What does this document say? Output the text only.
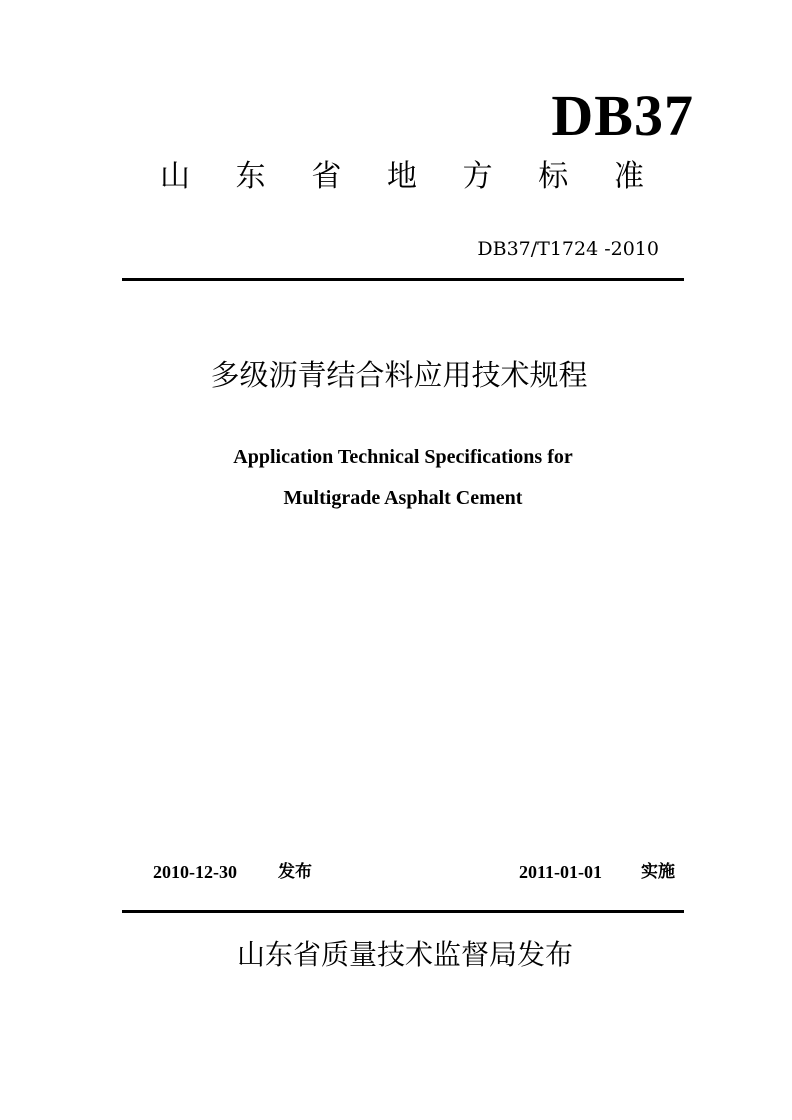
DB37
山 东 省 地 方 标 准
DB37/T1724 -2010
多级沥青结合料应用技术规程
Application Technical Specifications for
Multigrade Asphalt Cement
2010-12-30 发布	2011-01-01 实施
山东省质量技术监督局发布
